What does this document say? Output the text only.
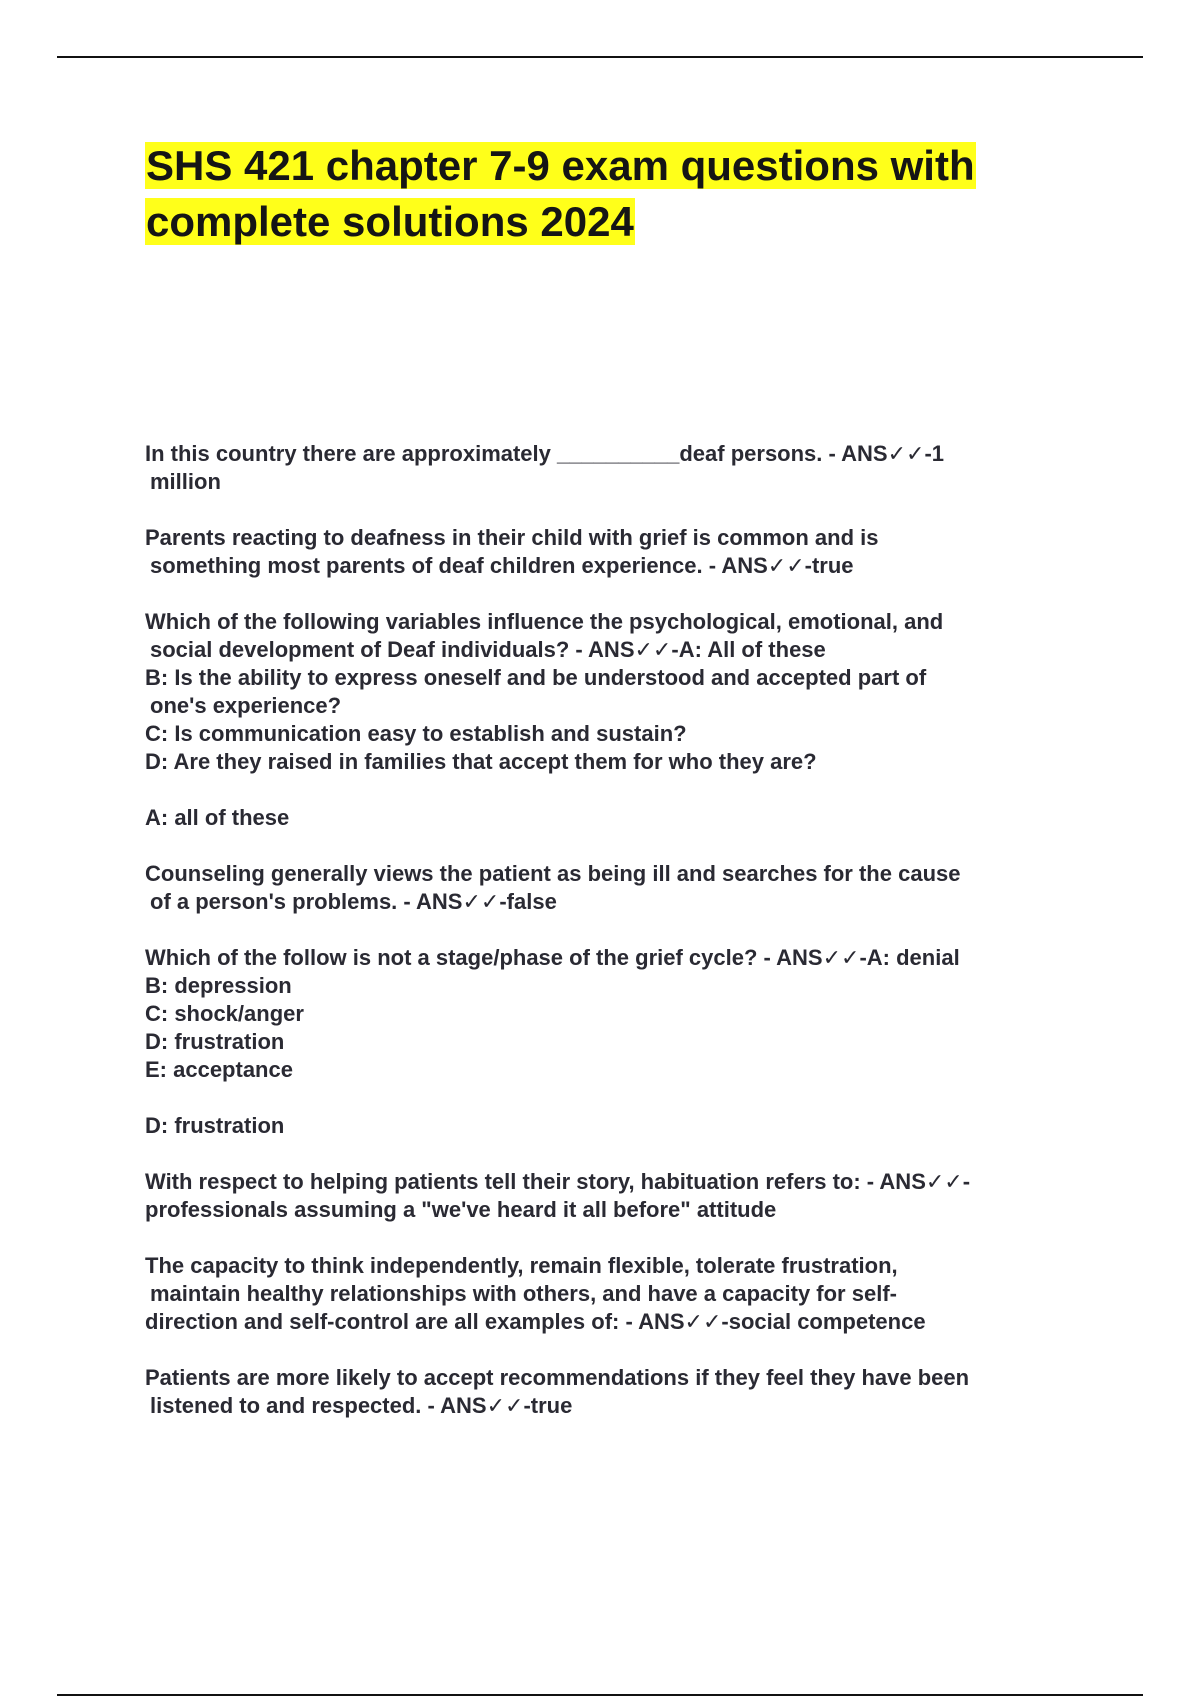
SHS 421 chapter 7-9 exam questions with
complete solutions 2024
In this country there are approximately __________deaf persons. - ANS✓✓-1
million
Parents reacting to deafness in their child with grief is common and is
something most parents of deaf children experience. - ANS✓✓-true
Which of the following variables influence the psychological, emotional, and
social development of Deaf individuals? - ANS✓✓-A: All of these
B: Is the ability to express oneself and be understood and accepted part of
one's experience?
C: Is communication easy to establish and sustain?
D: Are they raised in families that accept them for who they are?
A: all of these
Counseling generally views the patient as being ill and searches for the cause
of a person's problems. - ANS✓✓-false
Which of the follow is not a stage/phase of the grief cycle? - ANS✓✓-A: denial
B: depression
C: shock/anger
D: frustration
E: acceptance
D: frustration
With respect to helping patients tell their story, habituation refers to: - ANS✓✓-
professionals assuming a "we've heard it all before" attitude
The capacity to think independently, remain flexible, tolerate frustration,
maintain healthy relationships with others, and have a capacity for self-
direction and self-control are all examples of: - ANS✓✓-social competence
Patients are more likely to accept recommendations if they feel they have been
listened to and respected. - ANS✓✓-true
